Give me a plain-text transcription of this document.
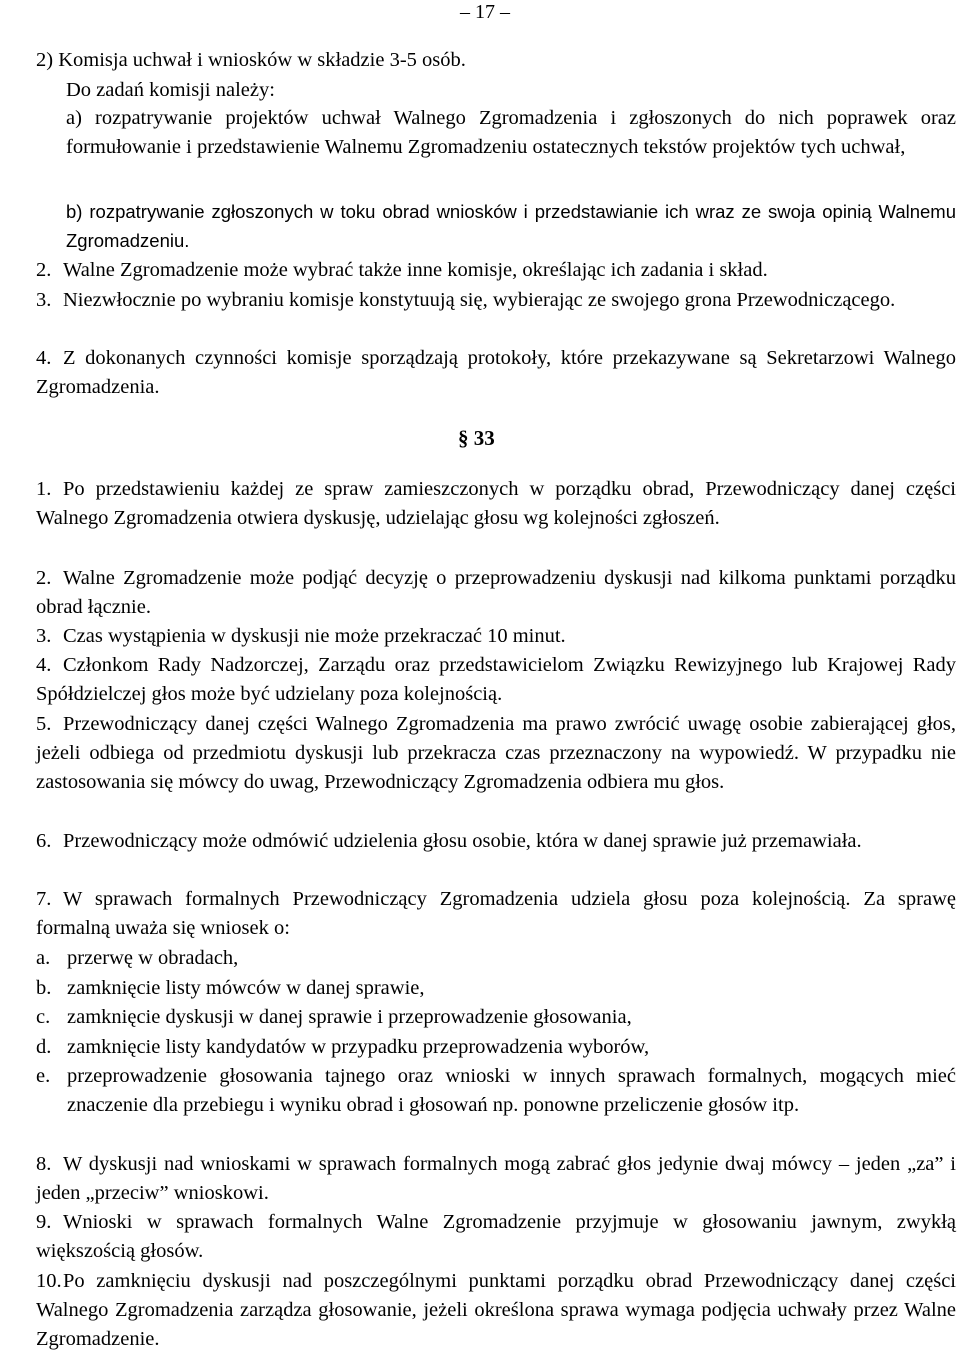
– 17 –
2) Komisja uchwał i wniosków w składzie 3-5 osób.
Do zadań komisji należy:
a) rozpatrywanie projektów uchwał Walnego Zgromadzenia i zgłoszonych do nich poprawek oraz formułowanie i przedstawienie Walnemu Zgromadzeniu ostatecznych tekstów projektów tych uchwał,
b) rozpatrywanie zgłoszonych w toku obrad wniosków i przedstawianie ich wraz ze swoja opinią Walnemu Zgromadzeniu.
2. Walne Zgromadzenie może wybrać także inne komisje, określając ich zadania i skład.
3. Niezwłocznie po wybraniu komisje konstytuują się, wybierając ze swojego grona Przewodniczącego.
4. Z dokonanych czynności komisje sporządzają protokoły, które przekazywane są Sekretarzowi Walnego Zgromadzenia.
§ 33
1. Po przedstawieniu każdej ze spraw zamieszczonych w porządku obrad, Przewodniczący danej części Walnego Zgromadzenia otwiera dyskusję, udzielając głosu wg kolejności zgłoszeń.
2. Walne Zgromadzenie może podjąć decyzję o przeprowadzeniu dyskusji nad kilkoma punktami porządku obrad łącznie.
3. Czas wystąpienia w dyskusji nie może przekraczać 10 minut.
4. Członkom Rady Nadzorczej, Zarządu oraz przedstawicielom Związku Rewizyjnego lub Krajowej Rady Spółdzielczej głos może być udzielany poza kolejnością.
5. Przewodniczący danej części Walnego Zgromadzenia ma prawo zwrócić uwagę osobie zabierającej głos, jeżeli odbiega od przedmiotu dyskusji lub przekracza czas przeznaczony na wypowiedź. W przypadku nie zastosowania się mówcy do uwag, Przewodniczący Zgromadzenia odbiera mu głos.
6. Przewodniczący może odmówić udzielenia głosu osobie, która w danej sprawie już przemawiała.
7. W sprawach formalnych Przewodniczący Zgromadzenia udziela głosu poza kolejnością. Za sprawę formalną uważa się wniosek o:
a. przerwę w obradach,
b. zamknięcie listy mówców w danej sprawie,
c. zamknięcie dyskusji w danej sprawie i przeprowadzenie głosowania,
d. zamknięcie listy kandydatów w przypadku przeprowadzenia wyborów,
e. przeprowadzenie głosowania tajnego oraz wnioski w innych sprawach formalnych, mogących mieć znaczenie dla przebiegu i wyniku obrad i głosowań np. ponowne przeliczenie głosów itp.
8. W dyskusji nad wnioskami w sprawach formalnych mogą zabrać głos jedynie dwaj mówcy – jeden „za” i jeden „przeciw” wnioskowi.
9. Wnioski w sprawach formalnych Walne Zgromadzenie przyjmuje w głosowaniu jawnym, zwykłą większością głosów.
10. Po zamknięciu dyskusji nad poszczególnymi punktami porządku obrad Przewodniczący danej części Walnego Zgromadzenia zarządza głosowanie, jeżeli określona sprawa wymaga podjęcia uchwały przez Walne Zgromadzenie.
